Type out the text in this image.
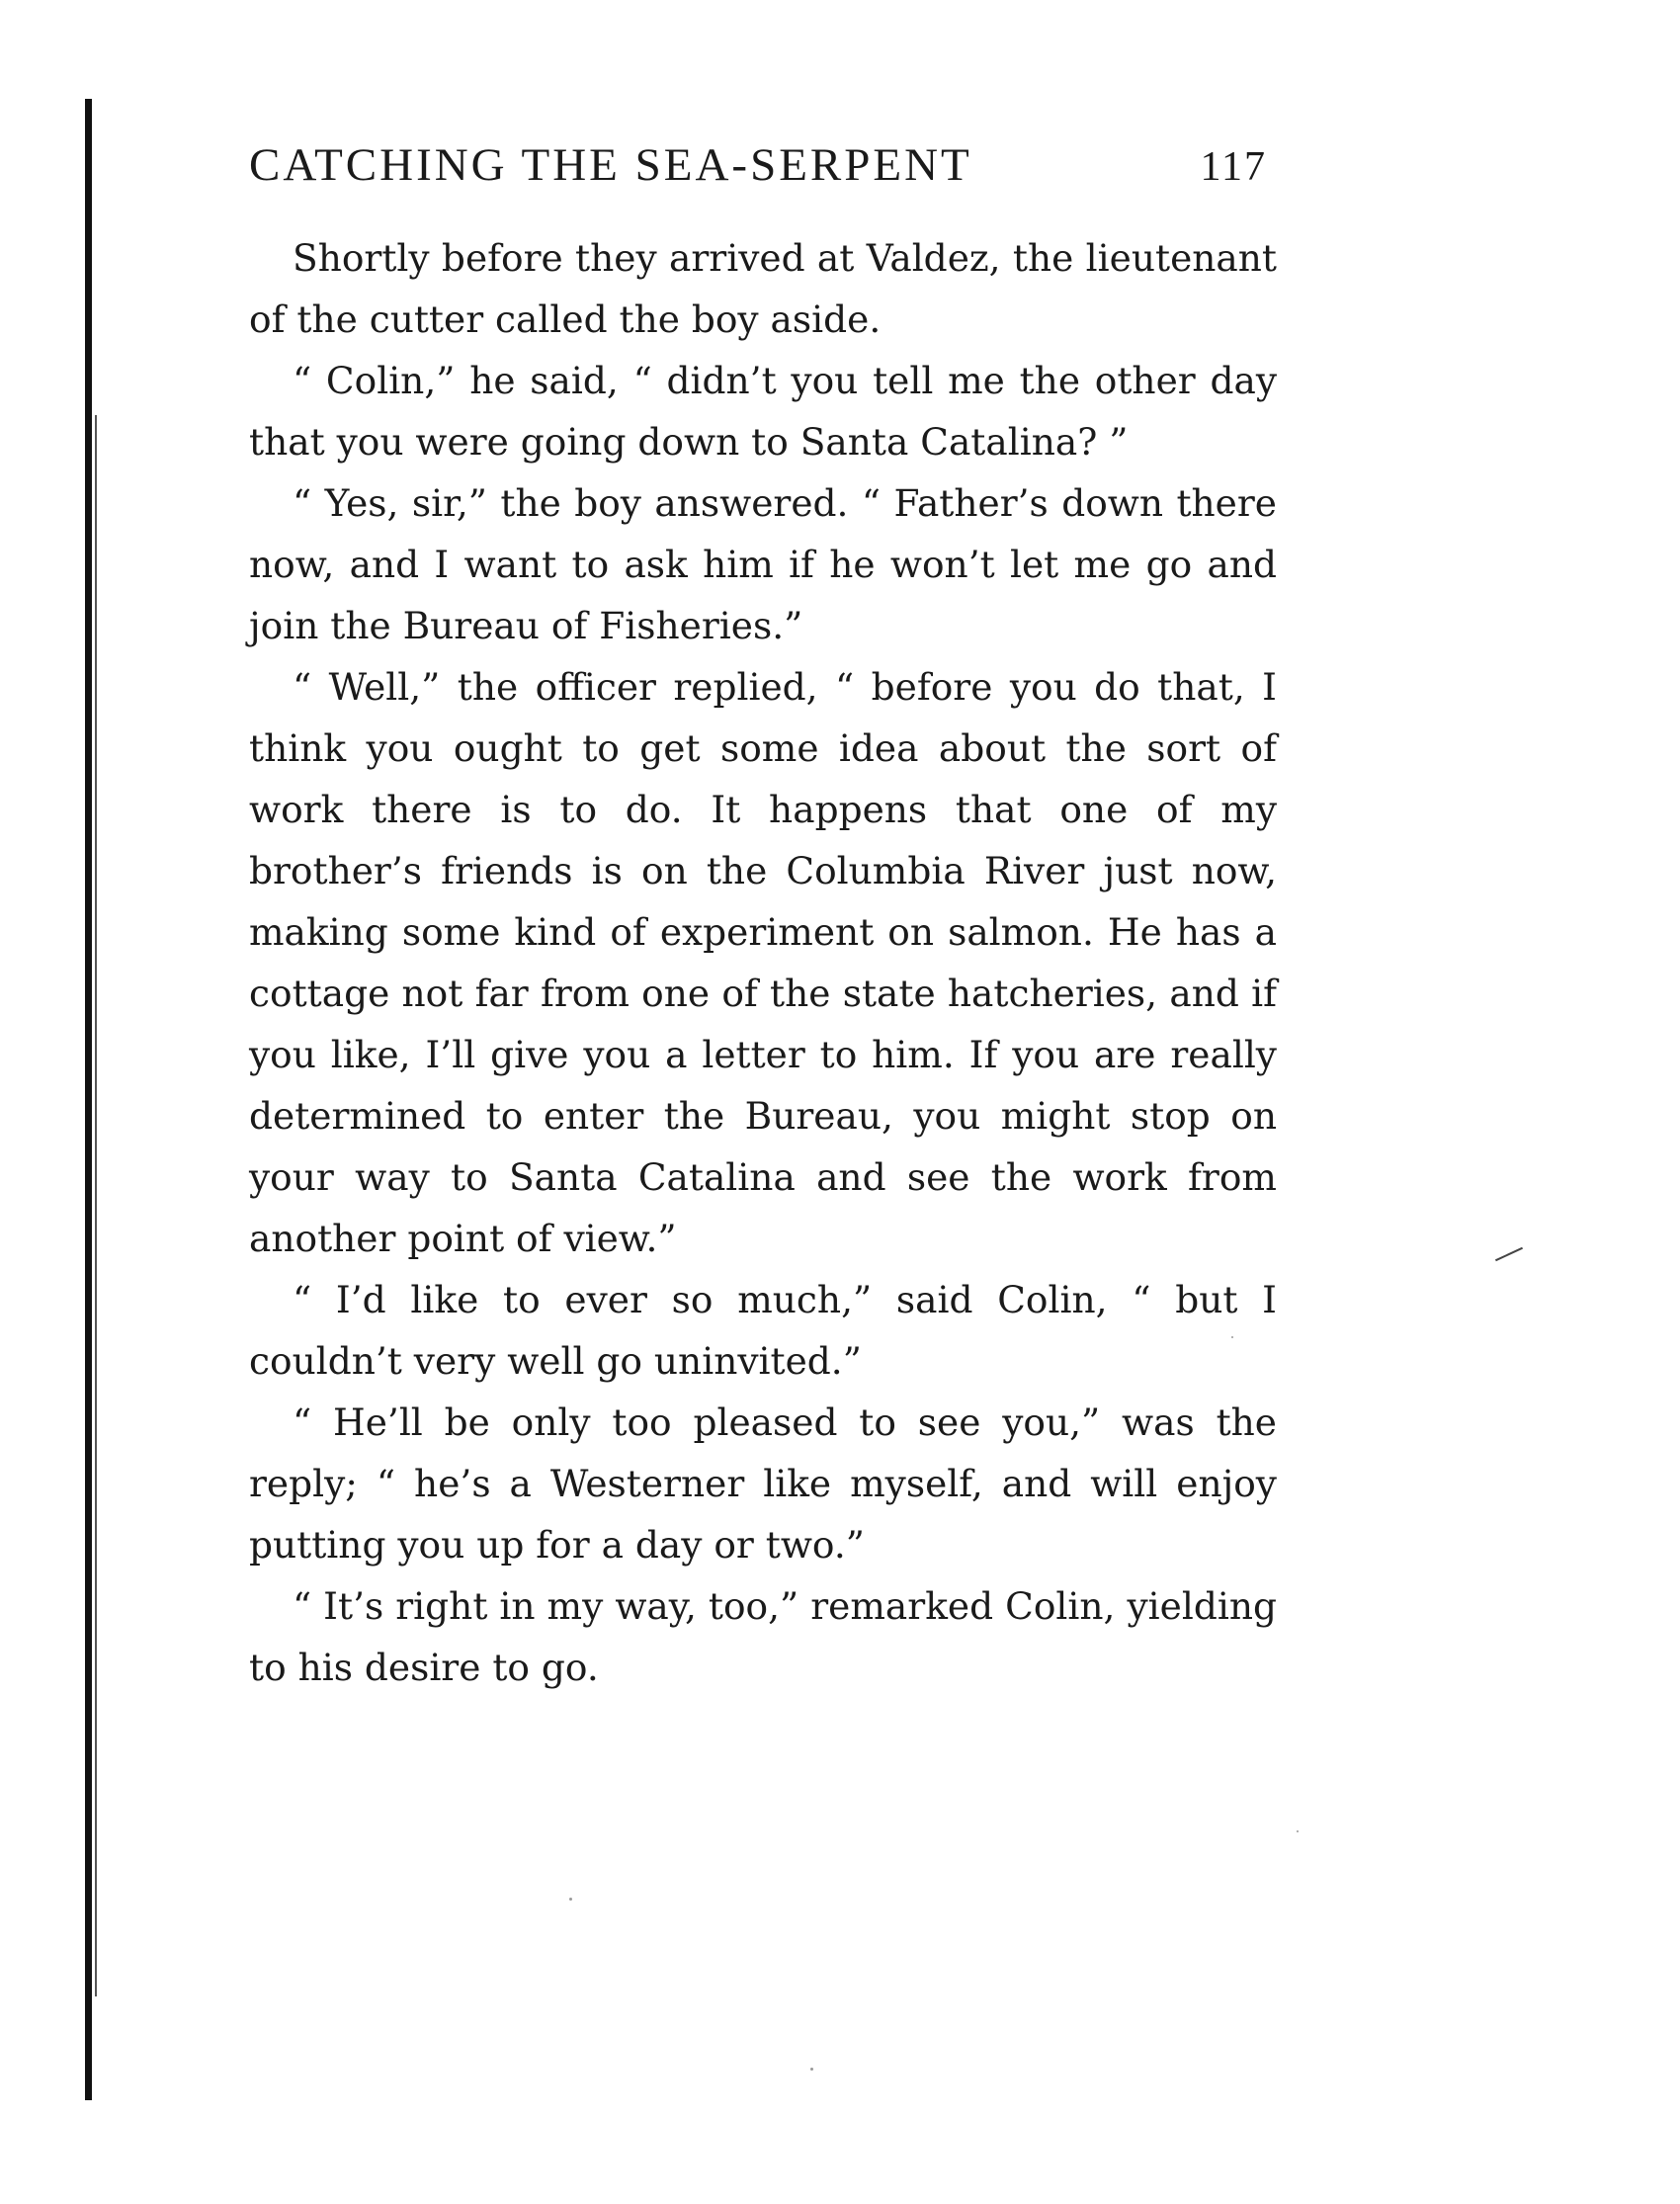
CATCHING THE SEA-SERPENT	117

Shortly before they arrived at Valdez, the lieutenant of the cutter called the boy aside.

“ Colin,” he said, “ didn’t you tell me the other day that you were going down to Santa Catalina? ”

“ Yes, sir,” the boy answered. “ Father’s down there now, and I want to ask him if he won’t let me go and join the Bureau of Fisheries.”

“ Well,” the officer replied, “ before you do that, I think you ought to get some idea about the sort of work there is to do. It happens that one of my brother’s friends is on the Columbia River just now, making some kind of experiment on salmon. He has a cottage not far from one of the state hatcheries, and if you like, I’ll give you a letter to him. If you are really determined to enter the Bureau, you might stop on your way to Santa Catalina and see the work from another point of view.”

“ I’d like to ever so much,” said Colin, “ but I couldn’t very well go uninvited.”

“ He’ll be only too pleased to see you,” was the reply; “ he’s a Westerner like myself, and will enjoy putting you up for a day or two.”

“ It’s right in my way, too,” remarked Colin, yielding to his desire to go.
